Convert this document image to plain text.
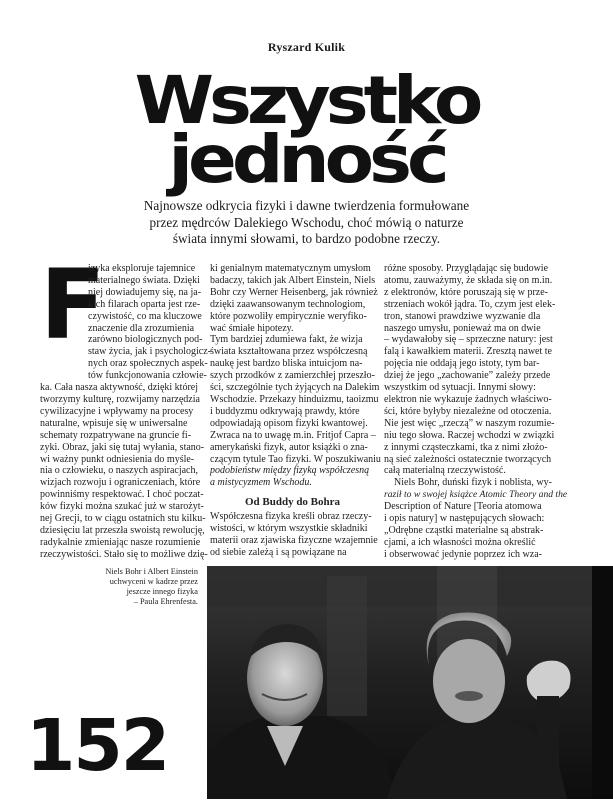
Ryszard Kulik
Wszystko
jedność
Najnowsze odkrycia fizyki i dawne twierdzenia formułowane
przez mędrców Dalekiego Wschodu, choć mówią o naturze
świata innymi słowami, to bardzo podobne rzeczy.
F
izyka eksploruje tajemnice
materialnego świata. Dzięki
niej dowiadujemy się, na ja-
kich filarach oparta jest rze-
czywistość, co ma kluczowe
znaczenie dla zrozumienia
zarówno biologicznych pod-
staw życia, jak i psychologicz-
nych oraz społecznych aspek-
tów funkcjonowania człowie-
ka. Cała nasza aktywność, dzięki której
tworzymy kulturę, rozwijamy narzędzia
cywilizacyjne i wpływamy na procesy
naturalne, wpisuje się w uniwersalne
schematy rozpatrywane na gruncie fi-
zyki. Obraz, jaki się tutaj wyłania, stano-
wi ważny punkt odniesienia do myśle-
nia o człowieku, o naszych aspiracjach,
wizjach rozwoju i ograniczeniach, które
powinniśmy respektować. I choć poczat-
ków fizyki można szukać już w starożyt-
nej Grecji, to w ciągu ostatnich stu kilku-
dziesięciu lat przeszła swoistą rewolucję,
radykalnie zmieniając nasze rozumienie
rzeczywistości. Stało się to możliwe dzię-
ki genialnym matematycznym umysłom
badaczy, takich jak Albert Einstein, Niels
Bohr czy Werner Heisenberg, jak również
dzięki zaawansowanym technologiom,
które pozwoliły empirycznie weryfiko-
wać śmiałe hipotezy.
Tym bardziej zdumiewa fakt, że wizja
świata kształtowana przez współczesną
naukę jest bardzo bliska intuicjom na-
szych przodków z zamierzchłej przeszło-
ści, szczególnie tych żyjących na Dalekim
Wschodzie. Przekazy hinduizmu, taoizmu
i buddyzmu odkrywają prawdy, które
odpowiadają opisom fizyki kwantowej.
Zwraca na to uwagę m.in. Fritjof Capra –
amerykański fizyk, autor książki o zna-
czącym tytule Tao fizyki. W poszukiwaniu
podobieństw między fizyką współczesną
a mistycyzmem Wschodu.
Od Buddy do Bohra
Współczesna fizyka kreśli obraz rzeczy-
wistości, w którym wszystkie składniki
materii oraz zjawiska fizyczne wzajemnie
od siebie zależą i są powiązane na
różne sposoby. Przyglądając się budowie
atomu, zauważymy, że składa się on m.in.
z elektronów, które poruszają się w prze-
strzeniach wokół jądra. To, czym jest elek-
tron, stanowi prawdziwe wyzwanie dla
naszego umysłu, ponieważ ma on dwie
– wydawałoby się – sprzeczne natury: jest
falą i kawałkiem materii. Zresztą nawet te
pojęcia nie oddają jego istoty, tym bar-
dziej że jego „zachowanie” zależy przede
wszystkim od sytuacji. Innymi słowy:
elektron nie wykazuje żadnych właściwo-
ści, które byłyby niezależne od otoczenia.
Nie jest więc „rzeczą” w naszym rozumie-
niu tego słowa. Raczej wchodzi w związki
z innymi cząsteczkami, tka z nimi złożo-
ną sieć zależności ostatecznie tworzących
całą materialną rzeczywistość.
Niels Bohr, duński fizyk i noblista, wy-
raził to w swojej książce Atomic Theory and the
Description of Nature [Teoria atomowa
i opis natury] w następujących słowach:
„Odrębne cząstki materialne są abstrak-
cjami, a ich własności można określić
i obserwować jedynie poprzez ich wza-
Niels Bohr i Albert Einstein
uchwyceni w kadrze przez
jeszcze innego fizyka
– Paula Ehrenfesta.
152
